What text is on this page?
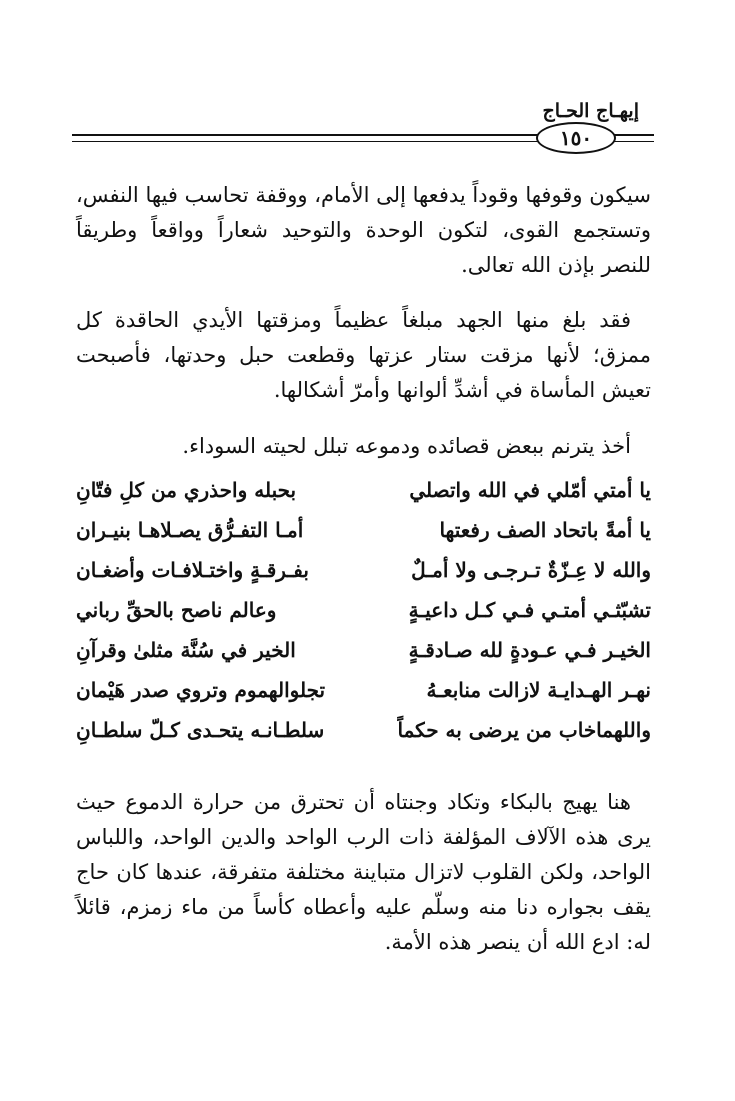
إيهـاج الحـاج
١٥٠

سيكون وقوفها وقوداً يدفعها إلى الأمام، ووقفة تحاسب فيها النفس، وتستجمع القوى، لتكون الوحدة والتوحيد شعاراً وواقعاً وطريقاً للنصر بإذن الله تعالى.

فقد بلغ منها الجهد مبلغاً عظيماً ومزقتها الأيدي الحاقدة كل ممزق؛ لأنها مزقت ستار عزتها وقطعت حبل وحدتها، فأصبحت تعيش المأساة في أشدِّ ألوانها وأمرّ أشكالها.

أخذ يترنم ببعض قصائده ودموعه تبلل لحيته السوداء.

يا أمتي أمّلي في الله واتصلي
بحبله واحذري من كلِ فتّانِ
يا أمةً باتحاد الصف رفعتها
أمـا التفـرُّق يصـلاهـا بنيـران
والله لا عِـزّةٌ تـرجـى ولا أمـلٌ
بفـرقـةٍ واختـلافـات وأضغـان
تشبّثـي أمتـي فـي كـل داعيـةٍ
وعالم ناصح بالحقِّ رباني
الخيـر فـي عـودةٍ لله صـادقـةٍ
الخير في سُنَّة مثلىٰ وقرآنِ
نهـر الهـدايـة لازالت منابعـهُ
تجلوالهموم وتروي صدر هَيْمان
واللهماخاب من يرضى به حكماً
سلطـانـه يتحـدى كـلّ سلطـانِ

هنا يهيج بالبكاء وتكاد وجنتاه أن تحترق من حرارة الدموع حيث يرى هذه الآلاف المؤلفة ذات الرب الواحد والدين الواحد، واللباس الواحد، ولكن القلوب لاتزال متباينة مختلفة متفرقة، عندها كان حاج يقف بجواره دنا منه وسلّم عليه وأعطاه كأساً من ماء زمزم، قائلاً له: ادع الله أن ينصر هذه الأمة.
